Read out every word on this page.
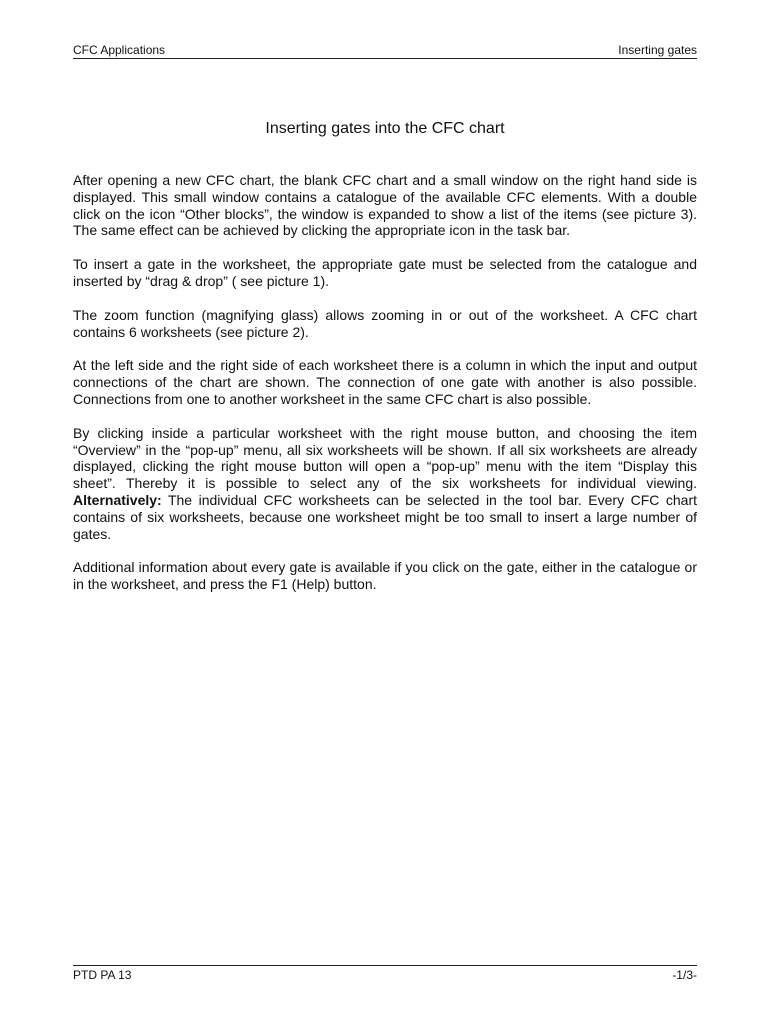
CFC Applications	Inserting gates
Inserting gates into the CFC chart

After opening a new CFC chart, the blank CFC chart and a small window on the right hand side is displayed. This small window contains a catalogue of the available CFC elements. With a double click on the icon “Other blocks”, the window is expanded to show a list of the items (see picture 3). The same effect can be achieved by clicking the appropriate icon in the task bar.

To insert a gate in the worksheet, the appropriate gate must be selected from the catalogue and inserted by “drag & drop” ( see picture 1).

The zoom function (magnifying glass) allows zooming in or out of the worksheet. A CFC chart contains 6 worksheets (see picture 2).

At the left side and the right side of each worksheet there is a column in which the input and output connections of the chart are shown. The connection of one gate with another is also possible. Connections from one to another worksheet in the same CFC chart is also possible.

By clicking inside a particular worksheet with the right mouse button, and choosing the item “Overview” in the “pop-up” menu, all six worksheets will be shown. If all six worksheets are already displayed, clicking the right mouse button will open a “pop-up” menu with the item “Display this sheet”. Thereby it is possible to select any of the six worksheets for individual viewing. Alternatively: The individual CFC worksheets can be selected in the tool bar. Every CFC chart contains of six worksheets, because one worksheet might be too small to insert a large number of gates.

Additional information about every gate is available if you click on the gate, either in the catalogue or in the worksheet, and press the F1 (Help) button.

PTD PA 13	-1/3-
